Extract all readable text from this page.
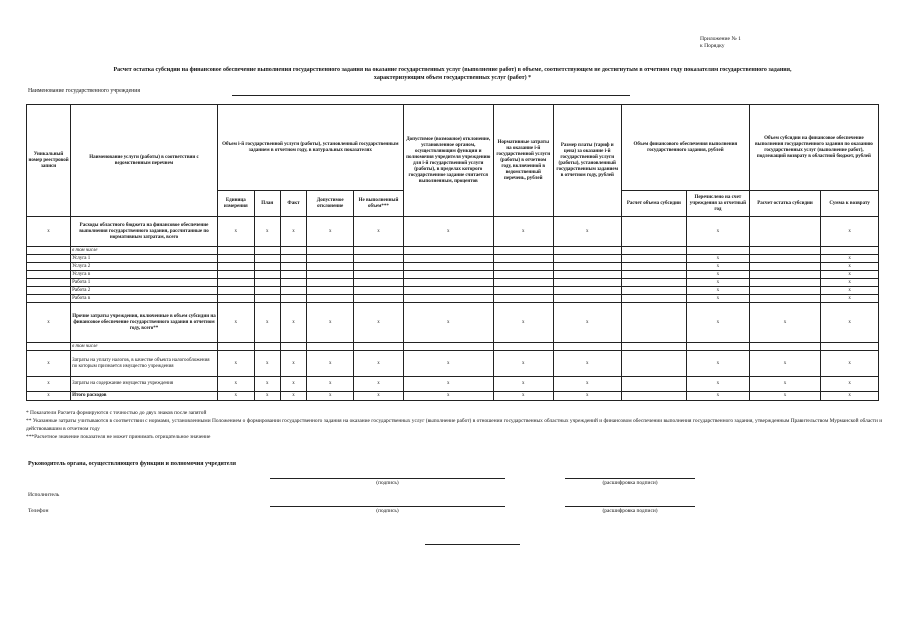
Приложение № 1
к Порядку
Расчет остатка субсидии на финансовое обеспечение выполнения государственного задания на оказание государственных услуг (выполнение работ) в объеме, соответствующем не достигнутым в отчетном году показателям государственного задания,
характеризующим объем государственных услуг (работ) *
Наименование государственного учреждения
Уникальный номер реестровой записи	Наименование услуги (работы) в соответствии с ведомственным перечнем	Объем i-й государственной услуги (работы), установленный государственным заданием в отчетном году, в натуральных показателях					Допустимое (возможное) отклонение, установленное органом, осуществляющим функции и полномочия учредителя учреждению для i-й государственной услуги (работы), в пределах которого государственное задание считается выполненным, процентов	Нормативные затраты на оказание i-й государственной услуги (работы) в отчетном году, включенной в ведомственный перечень, рублей	Размер платы (тариф и цена) за оказание i-й государственной услуги (работы), установленный государственным заданием в отчетном году, рублей	Объем финансового обеспечения выполнения государственного задания, рублей		Объем субсидии на финансовое обеспечение выполнения государственного задания по оказанию государственных услуг (выполнение работ), подлежащий возврату в областной бюджет, рублей	
		Единица измерения	План	Факт	Допустимое отклонение	Не выполненный объем***				Расчет объема субсидии	Перечислено на счет учреждения за отчетный год	Расчет остатка субсидии	Сумма к возврату
x	Расходы областного бюджета на финансовое обеспечение выполнения государственного задания, рассчитанные по нормативным затратам, всего	x	x	x	x	x	x	x	x		x		x
	в том числе												
	Услуга 1										x		x
	Услуга 2										x		x
	Услуга n										x		x
	Работа 1										x		x
	Работа 2										x		x
	Работа n										x		x
x	Прочие затраты учреждения, включенные в объем субсидии на финансовое обеспечение государственного задания в отчетном году, всего**	x	x	x	x	x	x	x	x		x	x	x
	в том числе												
x	Затраты на уплату налогов, в качестве объекта налогообложения по которым признается имущество учреждения	x	x	x	x	x	x	x	x		x	x	x
x	Затраты на содержание имущества учреждения	x	x	x	x	x	x	x	x		x	x	x
x	Итого расходов	x	x	x	x	x	x	x	x		x	x	x
* Показатели Расчета формируются с точностью до двух знаков после запятой
** Указанные затраты учитываются в соответствии с нормами, установленными Положением о формировании государственного задания на оказание государственных услуг (выполнение работ) в отношении государственных областных учреждений и финансовом обеспечении выполнения государственного задания, утвержденным Правительством Мурманской области и действовавшим в отчетном году
***Расчетное значение показателя не может принимать отрицательное значение
Руководитель органа, осуществляющего функции и полномочия учредителя
(подпись)	(расшифровка подписи)
Исполнитель
(подпись)	(расшифровка подписи)
Телефон
